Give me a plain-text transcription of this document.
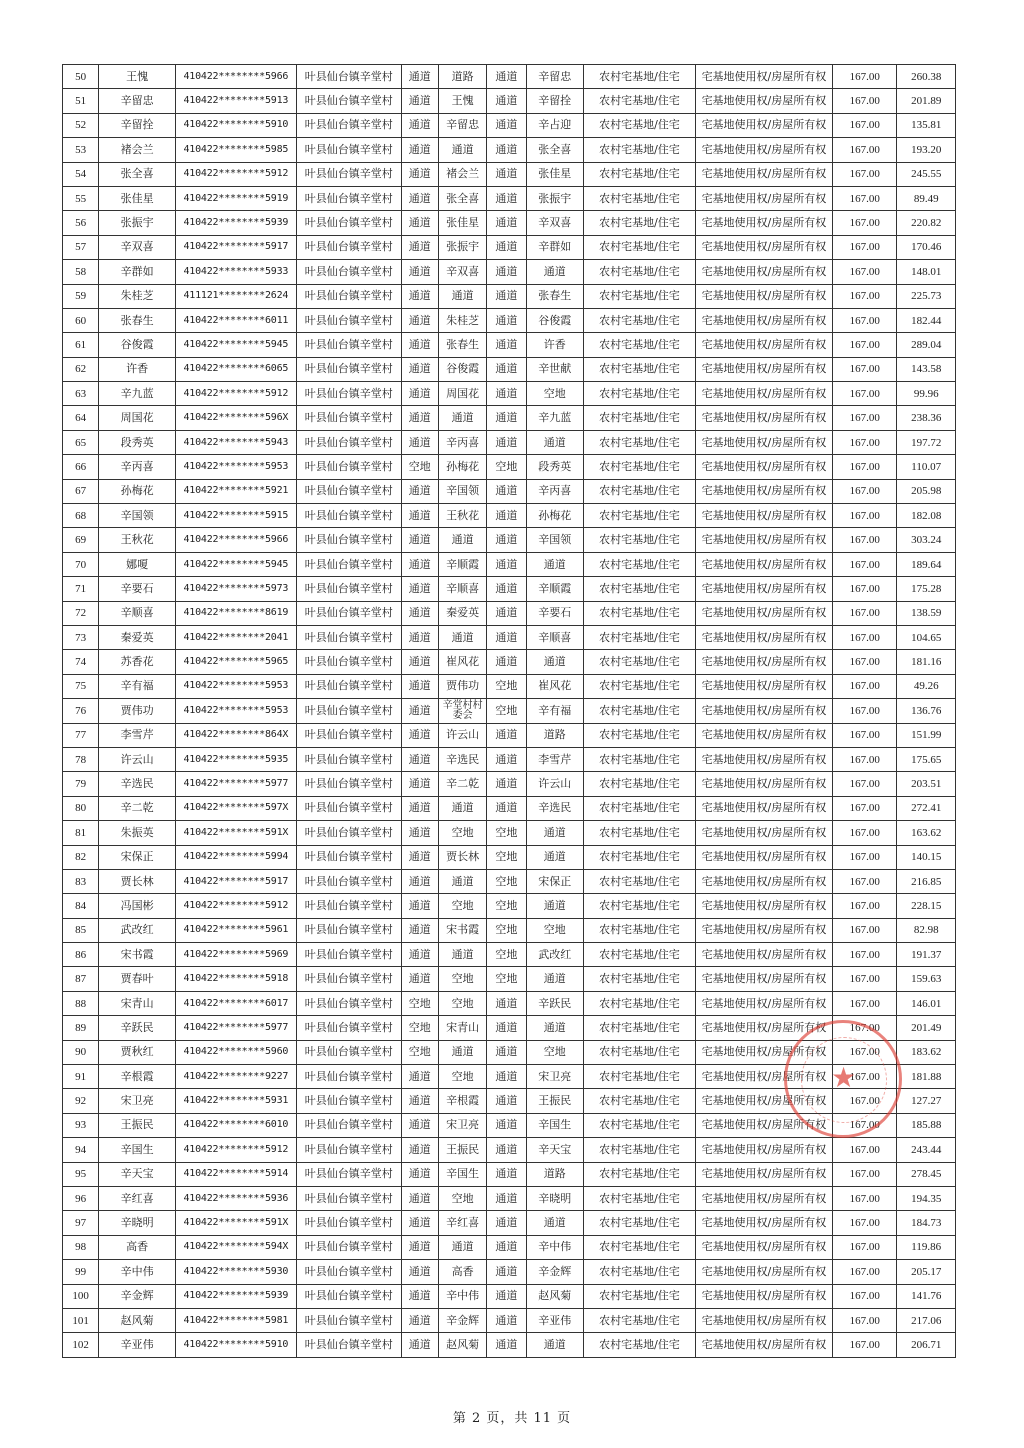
50	王愧	410422********5966	叶县仙台镇辛堂村	通道	道路	通道	辛留忠	农村宅基地/住宅	宅基地使用权/房屋所有权	167.00	260.38
51	辛留忠	410422********5913	叶县仙台镇辛堂村	通道	王愧	通道	辛留拴	农村宅基地/住宅	宅基地使用权/房屋所有权	167.00	201.89
52	辛留拴	410422********5910	叶县仙台镇辛堂村	通道	辛留忠	通道	辛占迎	农村宅基地/住宅	宅基地使用权/房屋所有权	167.00	135.81
53	褚会兰	410422********5985	叶县仙台镇辛堂村	通道	通道	通道	张全喜	农村宅基地/住宅	宅基地使用权/房屋所有权	167.00	193.20
54	张全喜	410422********5912	叶县仙台镇辛堂村	通道	褚会兰	通道	张佳星	农村宅基地/住宅	宅基地使用权/房屋所有权	167.00	245.55
55	张佳星	410422********5919	叶县仙台镇辛堂村	通道	张全喜	通道	张振宇	农村宅基地/住宅	宅基地使用权/房屋所有权	167.00	89.49
56	张振宇	410422********5939	叶县仙台镇辛堂村	通道	张佳星	通道	辛双喜	农村宅基地/住宅	宅基地使用权/房屋所有权	167.00	220.82
57	辛双喜	410422********5917	叶县仙台镇辛堂村	通道	张振宇	通道	辛群如	农村宅基地/住宅	宅基地使用权/房屋所有权	167.00	170.46
58	辛群如	410422********5933	叶县仙台镇辛堂村	通道	辛双喜	通道	通道	农村宅基地/住宅	宅基地使用权/房屋所有权	167.00	148.01
59	朱桂芝	411121********2624	叶县仙台镇辛堂村	通道	通道	通道	张春生	农村宅基地/住宅	宅基地使用权/房屋所有权	167.00	225.73
60	张春生	410422********6011	叶县仙台镇辛堂村	通道	朱桂芝	通道	谷俊霞	农村宅基地/住宅	宅基地使用权/房屋所有权	167.00	182.44
61	谷俊霞	410422********5945	叶县仙台镇辛堂村	通道	张春生	通道	许香	农村宅基地/住宅	宅基地使用权/房屋所有权	167.00	289.04
62	许香	410422********6065	叶县仙台镇辛堂村	通道	谷俊霞	通道	辛世献	农村宅基地/住宅	宅基地使用权/房屋所有权	167.00	143.58
63	辛九蓝	410422********5912	叶县仙台镇辛堂村	通道	周国花	通道	空地	农村宅基地/住宅	宅基地使用权/房屋所有权	167.00	99.96
64	周国花	410422********596X	叶县仙台镇辛堂村	通道	通道	通道	辛九蓝	农村宅基地/住宅	宅基地使用权/房屋所有权	167.00	238.36
65	段秀英	410422********5943	叶县仙台镇辛堂村	通道	辛丙喜	通道	通道	农村宅基地/住宅	宅基地使用权/房屋所有权	167.00	197.72
66	辛丙喜	410422********5953	叶县仙台镇辛堂村	空地	孙梅花	空地	段秀英	农村宅基地/住宅	宅基地使用权/房屋所有权	167.00	110.07
67	孙梅花	410422********5921	叶县仙台镇辛堂村	通道	辛国领	通道	辛丙喜	农村宅基地/住宅	宅基地使用权/房屋所有权	167.00	205.98
68	辛国领	410422********5915	叶县仙台镇辛堂村	通道	王秋花	通道	孙梅花	农村宅基地/住宅	宅基地使用权/房屋所有权	167.00	182.08
69	王秋花	410422********5966	叶县仙台镇辛堂村	通道	通道	通道	辛国领	农村宅基地/住宅	宅基地使用权/房屋所有权	167.00	303.24
70	娜嗄	410422********5945	叶县仙台镇辛堂村	通道	辛顺霞	通道	通道	农村宅基地/住宅	宅基地使用权/房屋所有权	167.00	189.64
71	辛要石	410422********5973	叶县仙台镇辛堂村	通道	辛顺喜	通道	辛顺霞	农村宅基地/住宅	宅基地使用权/房屋所有权	167.00	175.28
72	辛顺喜	410422********8619	叶县仙台镇辛堂村	通道	秦爱英	通道	辛要石	农村宅基地/住宅	宅基地使用权/房屋所有权	167.00	138.59
73	秦爱英	410422********2041	叶县仙台镇辛堂村	通道	通道	通道	辛顺喜	农村宅基地/住宅	宅基地使用权/房屋所有权	167.00	104.65
74	苏香花	410422********5965	叶县仙台镇辛堂村	通道	崔风花	通道	通道	农村宅基地/住宅	宅基地使用权/房屋所有权	167.00	181.16
75	辛有福	410422********5953	叶县仙台镇辛堂村	通道	贾伟功	空地	崔风花	农村宅基地/住宅	宅基地使用权/房屋所有权	167.00	49.26
76	贾伟功	410422********5953	叶县仙台镇辛堂村	通道	辛堂村村委会	空地	辛有福	农村宅基地/住宅	宅基地使用权/房屋所有权	167.00	136.76
77	李雪芹	410422********864X	叶县仙台镇辛堂村	通道	许云山	通道	道路	农村宅基地/住宅	宅基地使用权/房屋所有权	167.00	151.99
78	许云山	410422********5935	叶县仙台镇辛堂村	通道	辛选民	通道	李雪芹	农村宅基地/住宅	宅基地使用权/房屋所有权	167.00	175.65
79	辛选民	410422********5977	叶县仙台镇辛堂村	通道	辛二乾	通道	许云山	农村宅基地/住宅	宅基地使用权/房屋所有权	167.00	203.51
80	辛二乾	410422********597X	叶县仙台镇辛堂村	通道	通道	通道	辛选民	农村宅基地/住宅	宅基地使用权/房屋所有权	167.00	272.41
81	朱振英	410422********591X	叶县仙台镇辛堂村	通道	空地	空地	通道	农村宅基地/住宅	宅基地使用权/房屋所有权	167.00	163.62
82	宋保正	410422********5994	叶县仙台镇辛堂村	通道	贾长林	空地	通道	农村宅基地/住宅	宅基地使用权/房屋所有权	167.00	140.15
83	贾长林	410422********5917	叶县仙台镇辛堂村	通道	通道	空地	宋保正	农村宅基地/住宅	宅基地使用权/房屋所有权	167.00	216.85
84	冯国彬	410422********5912	叶县仙台镇辛堂村	通道	空地	空地	通道	农村宅基地/住宅	宅基地使用权/房屋所有权	167.00	228.15
85	武改红	410422********5961	叶县仙台镇辛堂村	通道	宋书霞	空地	空地	农村宅基地/住宅	宅基地使用权/房屋所有权	167.00	82.98
86	宋书霞	410422********5969	叶县仙台镇辛堂村	通道	通道	空地	武改红	农村宅基地/住宅	宅基地使用权/房屋所有权	167.00	191.37
87	贾春叶	410422********5918	叶县仙台镇辛堂村	通道	空地	空地	通道	农村宅基地/住宅	宅基地使用权/房屋所有权	167.00	159.63
88	宋青山	410422********6017	叶县仙台镇辛堂村	空地	空地	通道	辛跃民	农村宅基地/住宅	宅基地使用权/房屋所有权	167.00	146.01
89	辛跃民	410422********5977	叶县仙台镇辛堂村	空地	宋青山	通道	通道	农村宅基地/住宅	宅基地使用权/房屋所有权	167.00	201.49
90	贾秋红	410422********5960	叶县仙台镇辛堂村	空地	通道	通道	空地	农村宅基地/住宅	宅基地使用权/房屋所有权	167.00	183.62
91	辛根霞	410422********9227	叶县仙台镇辛堂村	通道	空地	通道	宋卫亮	农村宅基地/住宅	宅基地使用权/房屋所有权	167.00	181.88
92	宋卫亮	410422********5931	叶县仙台镇辛堂村	通道	辛根霞	通道	王振民	农村宅基地/住宅	宅基地使用权/房屋所有权	167.00	127.27
93	王振民	410422********6010	叶县仙台镇辛堂村	通道	宋卫亮	通道	辛国生	农村宅基地/住宅	宅基地使用权/房屋所有权	167.00	185.88
94	辛国生	410422********5912	叶县仙台镇辛堂村	通道	王振民	通道	辛天宝	农村宅基地/住宅	宅基地使用权/房屋所有权	167.00	243.44
95	辛天宝	410422********5914	叶县仙台镇辛堂村	通道	辛国生	通道	道路	农村宅基地/住宅	宅基地使用权/房屋所有权	167.00	278.45
96	辛红喜	410422********5936	叶县仙台镇辛堂村	通道	空地	通道	辛晓明	农村宅基地/住宅	宅基地使用权/房屋所有权	167.00	194.35
97	辛晓明	410422********591X	叶县仙台镇辛堂村	通道	辛红喜	通道	通道	农村宅基地/住宅	宅基地使用权/房屋所有权	167.00	184.73
98	高香	410422********594X	叶县仙台镇辛堂村	通道	通道	通道	辛中伟	农村宅基地/住宅	宅基地使用权/房屋所有权	167.00	119.86
99	辛中伟	410422********5930	叶县仙台镇辛堂村	通道	高香	通道	辛金辉	农村宅基地/住宅	宅基地使用权/房屋所有权	167.00	205.17
100	辛金辉	410422********5939	叶县仙台镇辛堂村	通道	辛中伟	通道	赵风菊	农村宅基地/住宅	宅基地使用权/房屋所有权	167.00	141.76
101	赵风菊	410422********5981	叶县仙台镇辛堂村	通道	辛金辉	通道	辛亚伟	农村宅基地/住宅	宅基地使用权/房屋所有权	167.00	217.06
102	辛亚伟	410422********5910	叶县仙台镇辛堂村	通道	赵风菊	通道	通道	农村宅基地/住宅	宅基地使用权/房屋所有权	167.00	206.71
★
第 2 页，共 11 页
